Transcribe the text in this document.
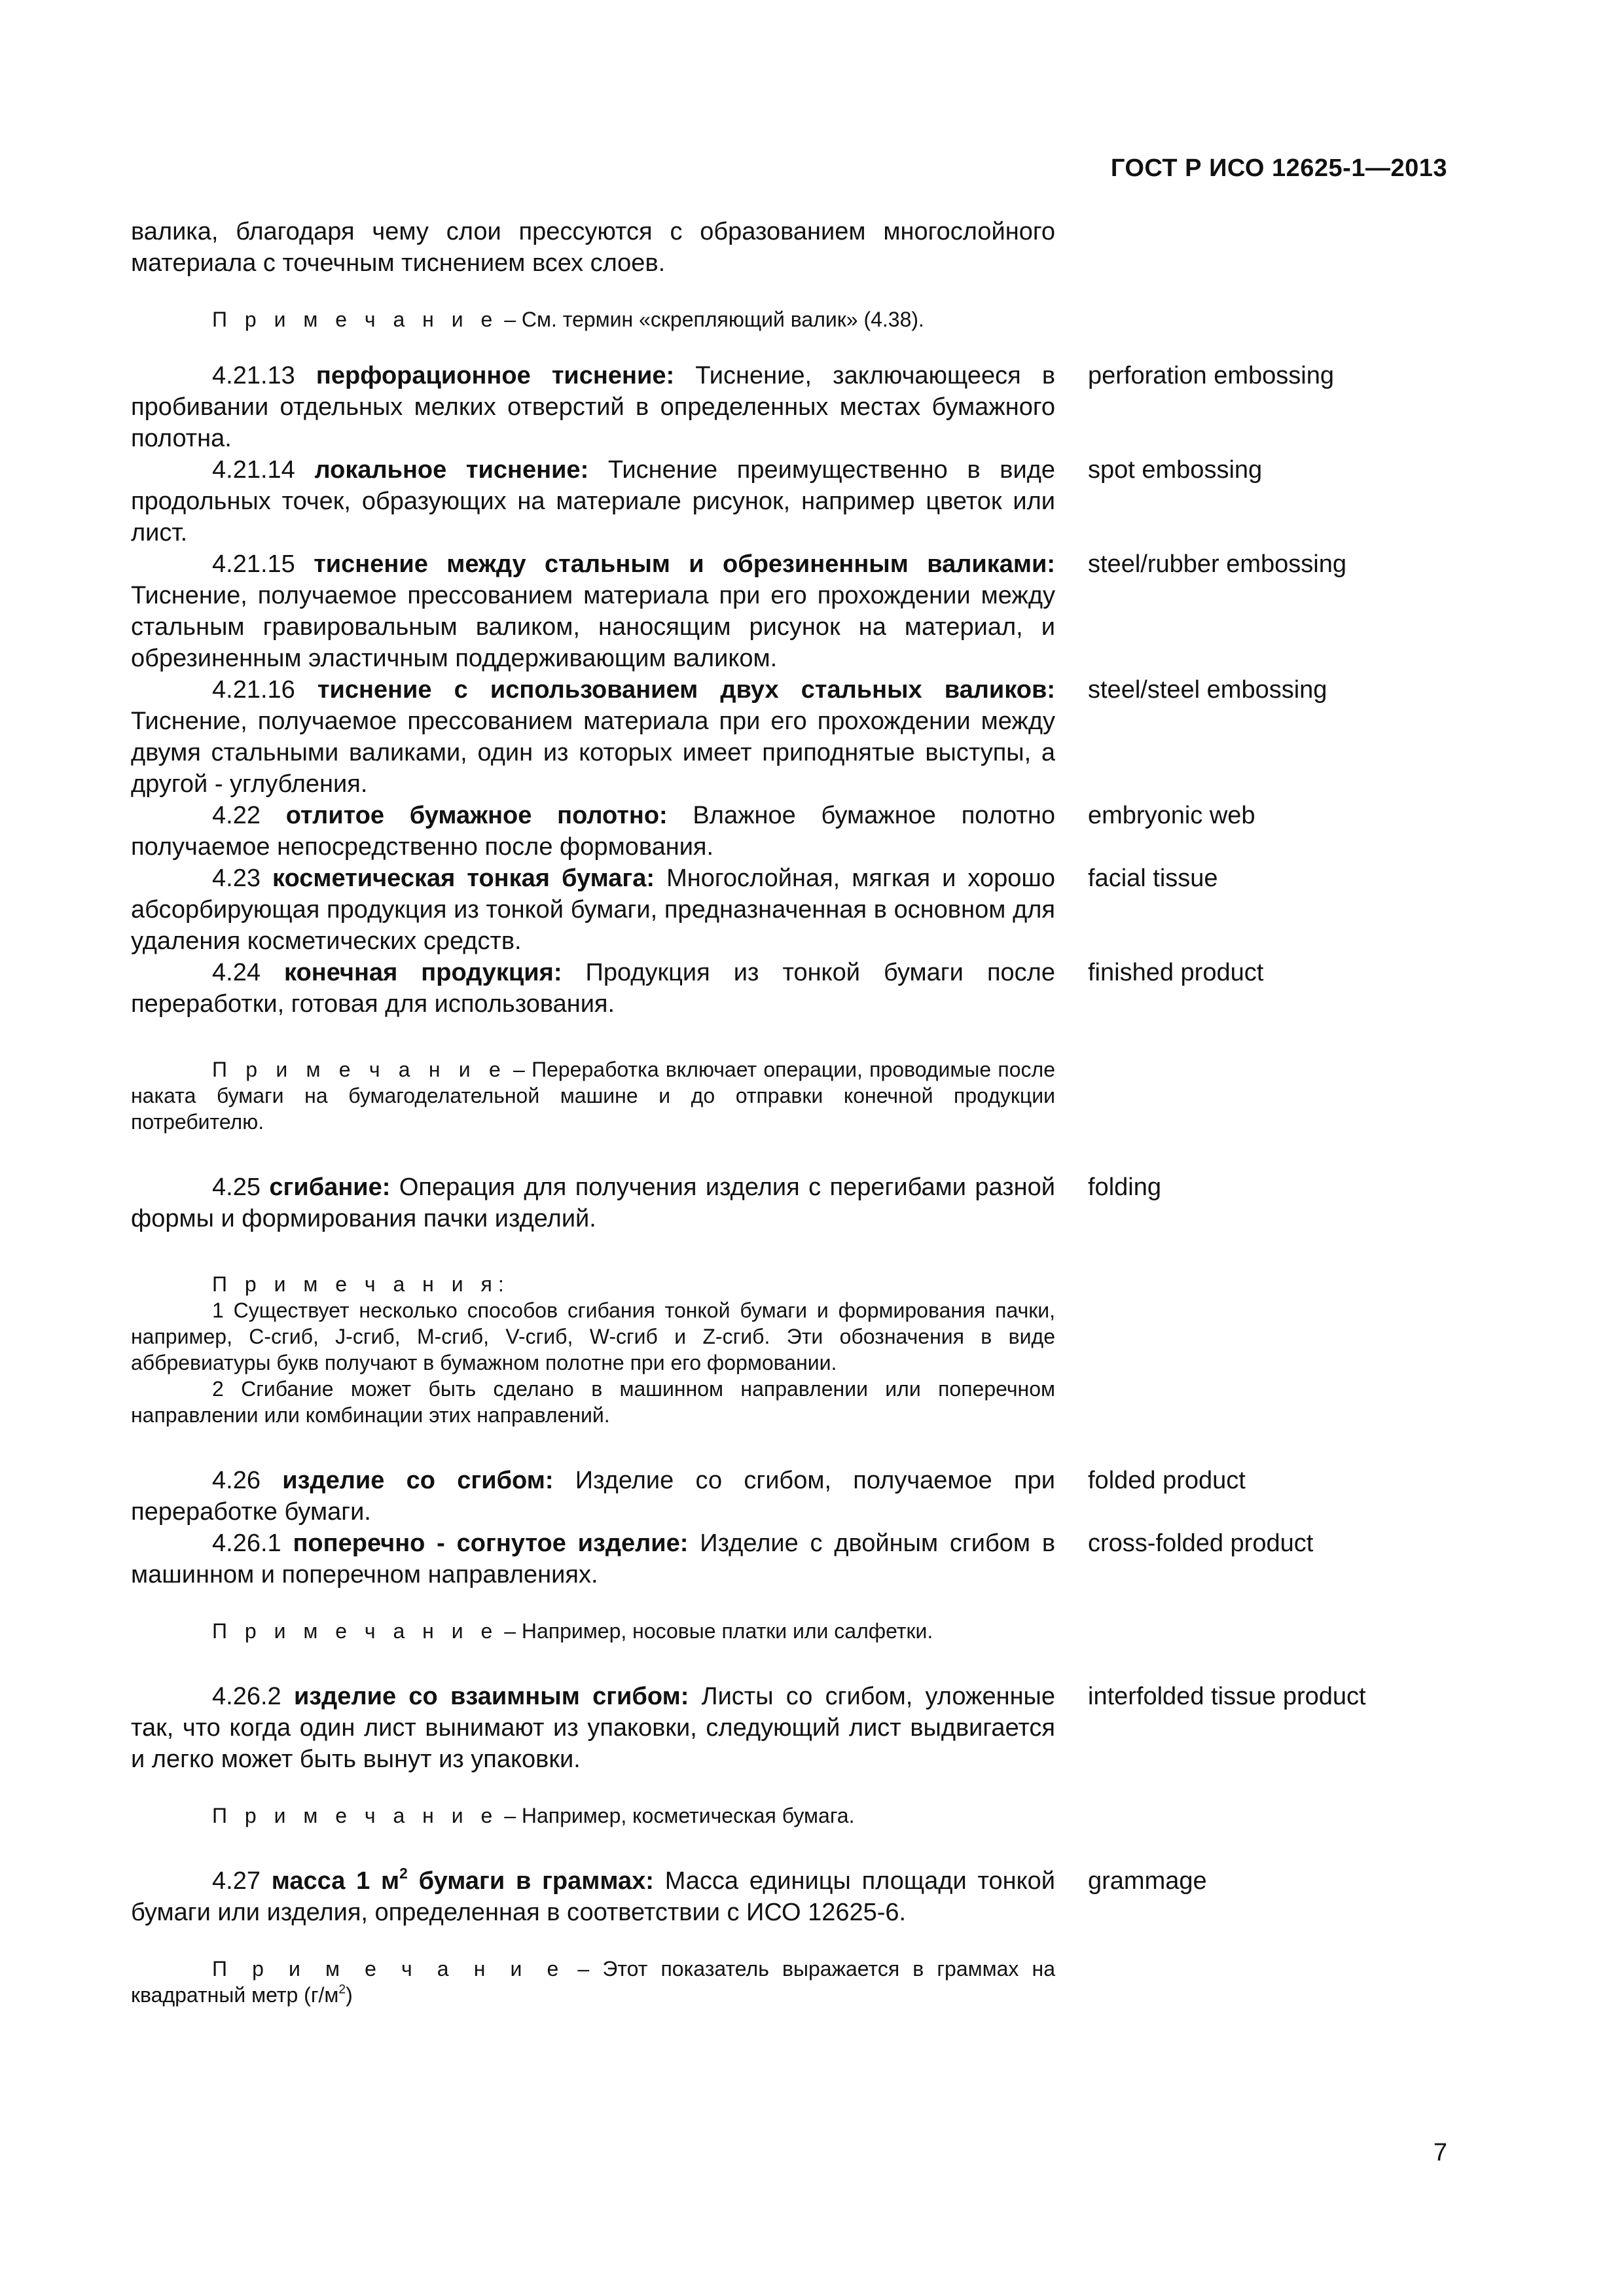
ГОСТ Р ИСО 12625-1—2013
валика, благодаря чему слои прессуются с образованием многослойного материала с точечным тиснением всех слоев.
П р и м е ч а н и е – См. термин «скрепляющий валик» (4.38).
4.21.13 перфорационное тиснение: Тиснение, заключающееся в пробивании отдельных мелких отверстий в определенных местах бумажного полотна.
perforation embossing
4.21.14 локальное тиснение: Тиснение преимущественно в виде продольных точек, образующих на материале рисунок, например цветок или лист.
spot embossing
4.21.15 тиснение между стальным и обрезиненным валиками: Тиснение, получаемое прессованием материала при его прохождении между стальным гравировальным валиком, наносящим рисунок на материал, и обрезиненным эластичным поддерживающим валиком.
steel/rubber embossing
4.21.16 тиснение с использованием двух стальных валиков: Тиснение, получаемое прессованием материала при его прохождении между двумя стальными валиками, один из которых имеет приподнятые выступы, а другой - углубления.
steel/steel embossing
4.22 отлитое бумажное полотно: Влажное бумажное полотно получаемое непосредственно после формования.
embryonic web
4.23 косметическая тонкая бумага: Многослойная, мягкая и хорошо абсорбирующая продукция из тонкой бумаги, предназначенная в основном для удаления косметических средств.
facial tissue
4.24 конечная продукция: Продукция из тонкой бумаги после переработки, готовая для использования.
finished product
П р и м е ч а н и е – Переработка включает операции, проводимые после наката бумаги на бумагоделательной машине и до отправки конечной продукции потребителю.
4.25 сгибание: Операция для получения изделия с перегибами разной формы и формирования пачки изделий.
folding
П р и м е ч а н и я:
1 Существует несколько способов сгибания тонкой бумаги и формирования пачки, например, С-сгиб, J-сгиб, М-сгиб, V-сгиб, W-сгиб и Z-сгиб. Эти обозначения в виде аббревиатуры букв получают в бумажном полотне при его формовании.
2 Сгибание может быть сделано в машинном направлении или поперечном направлении или комбинации этих направлений.
4.26 изделие со сгибом: Изделие со сгибом, получаемое при переработке бумаги.
folded product
4.26.1 поперечно - согнутое изделие: Изделие с двойным сгибом в машинном и поперечном направлениях.
cross-folded product
П р и м е ч а н и е – Например, носовые платки или салфетки.
4.26.2 изделие со взаимным сгибом: Листы со сгибом, уложенные так, что когда один лист вынимают из упаковки, следующий лист выдвигается и легко может быть вынут из упаковки.
interfolded tissue product
П р и м е ч а н и е – Например, косметическая бумага.
4.27 масса 1 $м^2$ бумаги в граммах: Масса единицы площади тонкой бумаги или изделия, определенная в соответствии с ИСО 12625-6.
grammage
П р и м е ч а н и е – Этот показатель выражается в граммах на квадратный метр $(г/м^2)$
7
